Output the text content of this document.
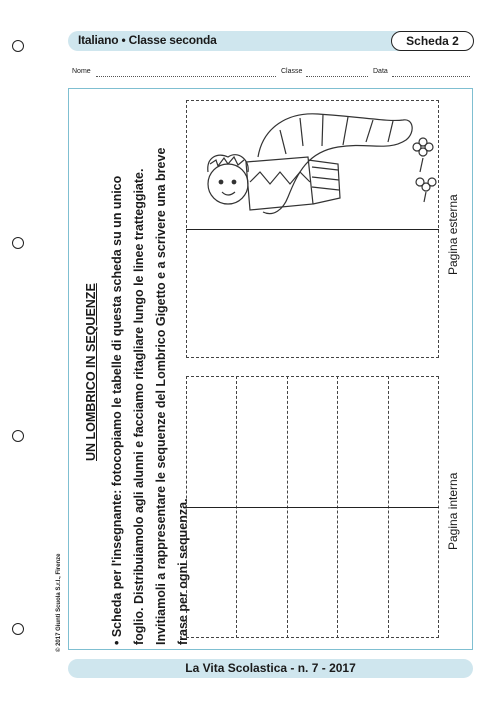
Italiano • Classe seconda	Scheda 2
Nome	Classe	Data
© 2017 Giunti Scuola S.r.l., Firenze
UN LOMBRICO IN SEQUENZE
• Scheda per l'insegnante: fotocopiamo le tabelle di questa scheda su un unico foglio. Distribuiamolo agli alunni e facciamo ritagliare lungo le linee tratteggiate. Invitiamoli a rappresentare le sequenze del Lombrico Gigetto e a scrivere una breve frase per ogni sequenza.
Pagina esterna
Pagina interna
La Vita Scolastica - n. 7 - 2017
